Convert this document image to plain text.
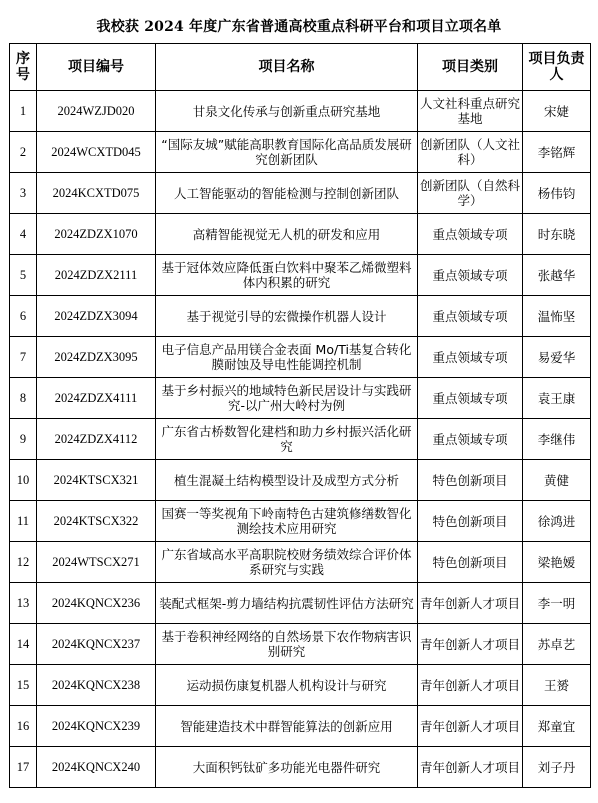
我校获 2024 年度广东省普通高校重点科研平台和项目立项名单
序号	项目编号	项目名称	项目类别	项目负责人
1	2024WZJD020	甘泉文化传承与创新重点研究基地	人文社科重点研究基地	宋婕
2	2024WCXTD045	“国际友城”赋能高职教育国际化高品质发展研究创新团队	创新团队（人文社科）	李铭辉
3	2024KCXTD075	人工智能驱动的智能检测与控制创新团队	创新团队（自然科学）	杨伟钧
4	2024ZDZX1070	高精智能视觉无人机的研发和应用	重点领域专项	时东晓
5	2024ZDZX2111	基于冠体效应降低蛋白饮料中聚苯乙烯微塑料体内积累的研究	重点领域专项	张越华
6	2024ZDZX3094	基于视觉引导的宏微操作机器人设计	重点领域专项	温怖坚
7	2024ZDZX3095	电子信息产品用镁合金表面 Mo/Ti基复合转化膜耐蚀及导电性能调控机制	重点领域专项	易爱华
8	2024ZDZX4111	基于乡村振兴的地域特色新民居设计与实践研究-以广州大岭村为例	重点领域专项	袁王康
9	2024ZDZX4112	广东省古桥数智化建档和助力乡村振兴活化研究	重点领域专项	李继伟
10	2024KTSCX321	植生混凝土结构模型设计及成型方式分析	特色创新项目	黄健
11	2024KTSCX322	国赛一等奖视角下岭南特色古建筑修缮数智化测绘技术应用研究	特色创新项目	徐鸿进
12	2024WTSCX271	广东省域高水平高职院校财务绩效综合评价体系研究与实践	特色创新项目	梁艳嫒
13	2024KQNCX236	装配式框架-剪力墙结构抗震韧性评估方法研究	青年创新人才项目	李一明
14	2024KQNCX237	基于卷积神经网络的自然场景下农作物病害识别研究	青年创新人才项目	苏卓艺
15	2024KQNCX238	运动损伤康复机器人机构设计与研究	青年创新人才项目	王赟
16	2024KQNCX239	智能建造技术中群智能算法的创新应用	青年创新人才项目	郑童宜
17	2024KQNCX240	大面积钙钛矿多功能光电器件研究	青年创新人才项目	刘子丹
